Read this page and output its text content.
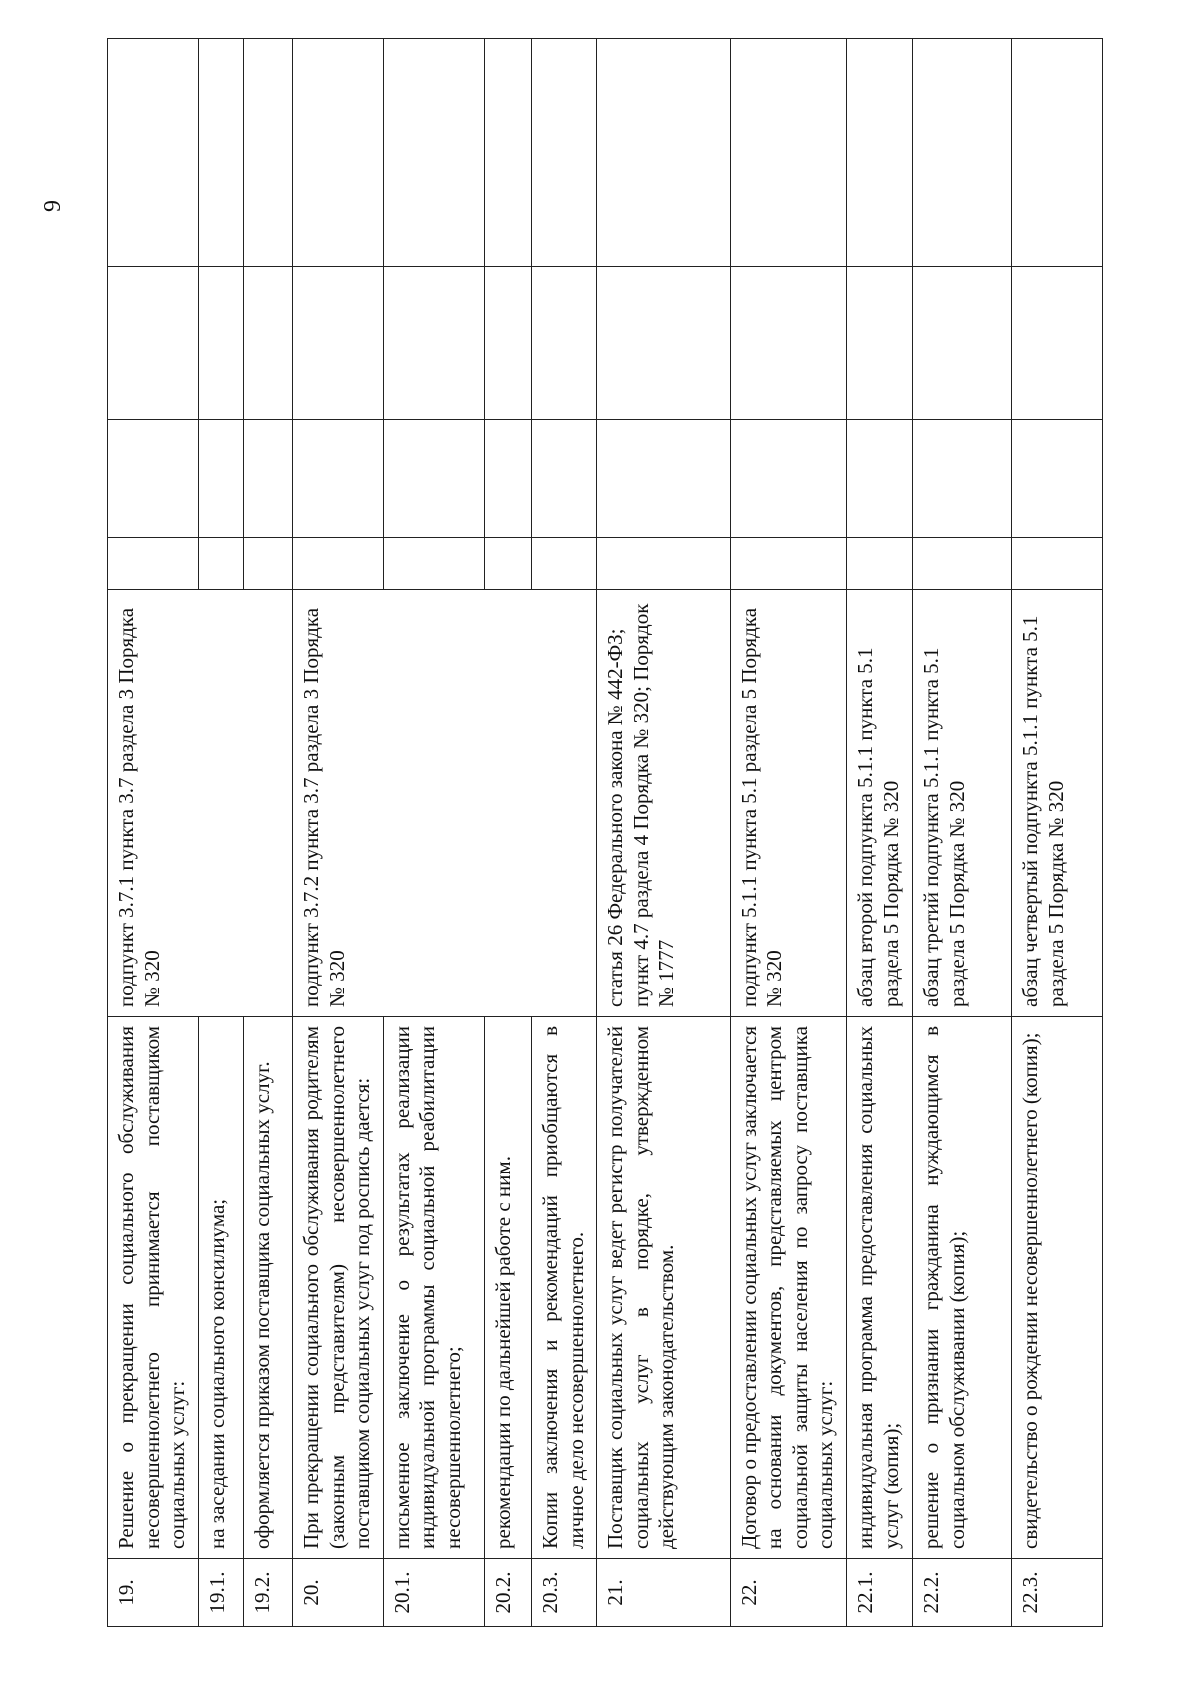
9
19.	Решение о прекращении социального обслуживания несовершеннолетнего принимается поставщиком социальных услуг:	подпункт 3.7.1 пункта 3.7 раздела 3 Порядка № 320				
19.1.	на заседании социального консилиума;					
19.2.	оформляется приказом поставщика социальных услуг.					
20.	При прекращении социального обслуживания родителям (законным представителям) несовершеннолетнего поставщиком социальных услуг под роспись дается:	подпункт 3.7.2 пункта 3.7 раздела 3 Порядка № 320				
20.1.	письменное заключение о результатах реализации индивидуальной программы социальной реабилитации несовершеннолетнего;					
20.2.	рекомендации по дальнейшей работе с ним.					
20.3.	Копии заключения и рекомендаций приобщаются в личное дело несовершеннолетнего.					
21.	Поставщик социальных услуг ведет регистр получателей социальных услуг в порядке, утвержденном действующим законодательством.	статья 26 Федерального закона № 442-ФЗ; пункт 4.7 раздела 4 Порядка № 320; Порядок № 1777				
22.	Договор о предоставлении социальных услуг заключается на основании документов, представляемых центром социальной защиты населения по запросу поставщика социальных услуг:	подпункт 5.1.1 пункта 5.1 раздела 5 Порядка № 320				
22.1.	индивидуальная программа предоставления социальных услуг (копия);	абзац второй подпункта 5.1.1 пункта 5.1 раздела 5 Порядка № 320				
22.2.	решение о признании гражданина нуждающимся в социальном обслуживании (копия);	абзац третий подпункта 5.1.1 пункта 5.1 раздела 5 Порядка № 320				
22.3.	свидетельство о рождении несовершеннолетнего (копия);	абзац четвертый подпункта 5.1.1 пункта 5.1 раздела 5 Порядка № 320				
